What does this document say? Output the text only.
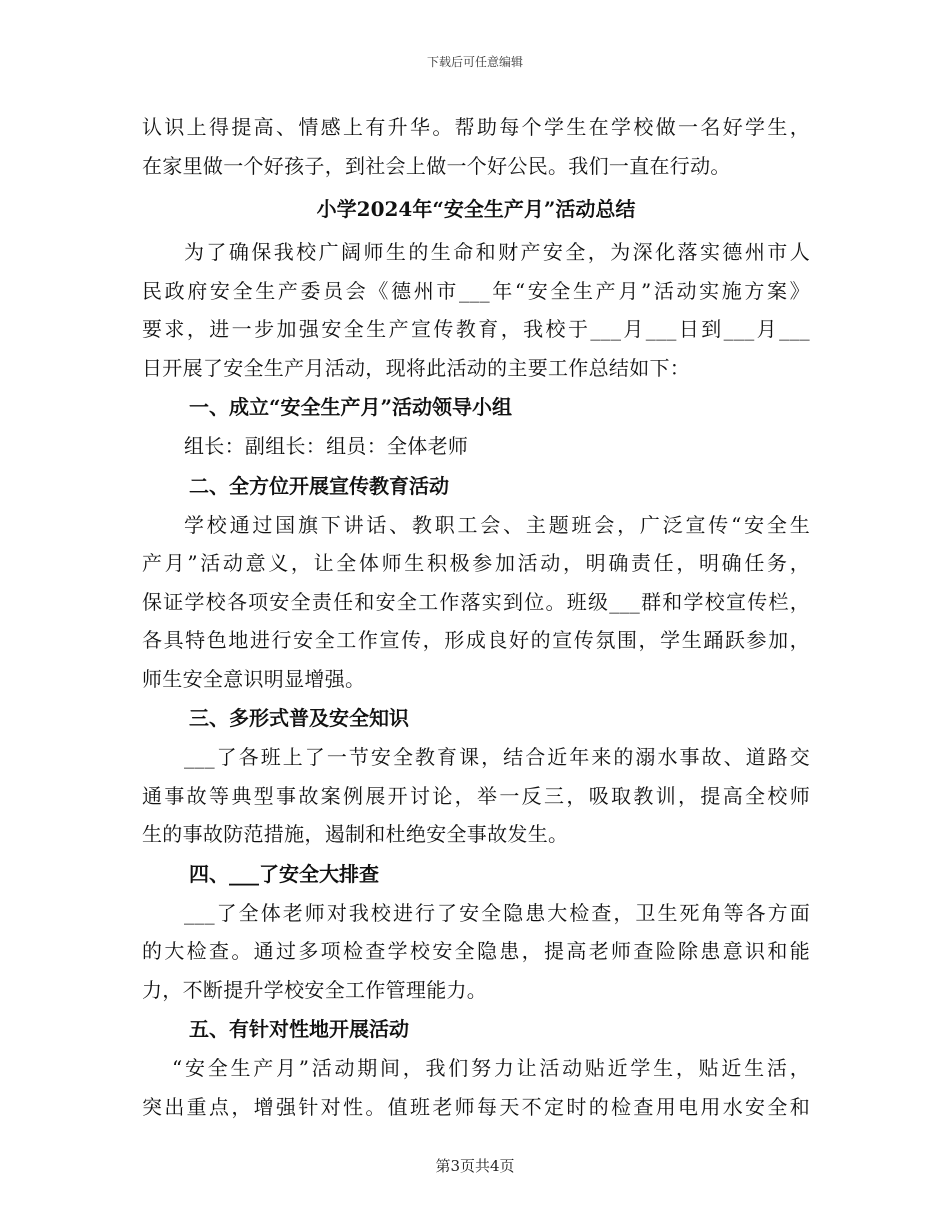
下载后可任意编辑
认识上得提高、情感上有升华。帮助每个学生在学校做一名好学生，
在家里做一个好孩子，到社会上做一个好公民。我们一直在行动。
小学2024年“安全生产月”活动总结
为了确保我校广阔师生的生命和财产安全，为深化落实德州市人
民政府安全生产委员会《德州市___年“安全生产月”活动实施方案》
要求，进一步加强安全生产宣传教育，我校于___月___日到___月___
日开展了安全生产月活动，现将此活动的主要工作总结如下：
一、成立“安全生产月”活动领导小组
组长：副组长：组员：全体老师
二、全方位开展宣传教育活动
学校通过国旗下讲话、教职工会、主题班会，广泛宣传“安全生
产月”活动意义，让全体师生积极参加活动，明确责任，明确任务，
保证学校各项安全责任和安全工作落实到位。班级___群和学校宣传栏，
各具特色地进行安全工作宣传，形成良好的宣传氛围，学生踊跃参加，
师生安全意识明显增强。
三、多形式普及安全知识
___了各班上了一节安全教育课，结合近年来的溺水事故、道路交
通事故等典型事故案例展开讨论，举一反三，吸取教训，提高全校师
生的事故防范措施，遏制和杜绝安全事故发生。
四、___了安全大排查
___了全体老师对我校进行了安全隐患大检查，卫生死角等各方面
的大检查。通过多项检查学校安全隐患，提高老师查险除患意识和能
力，不断提升学校安全工作管理能力。
五、有针对性地开展活动
“安全生产月”活动期间，我们努力让活动贴近学生，贴近生活，
突出重点，增强针对性。值班老师每天不定时的检查用电用水安全和
第3页共4页
